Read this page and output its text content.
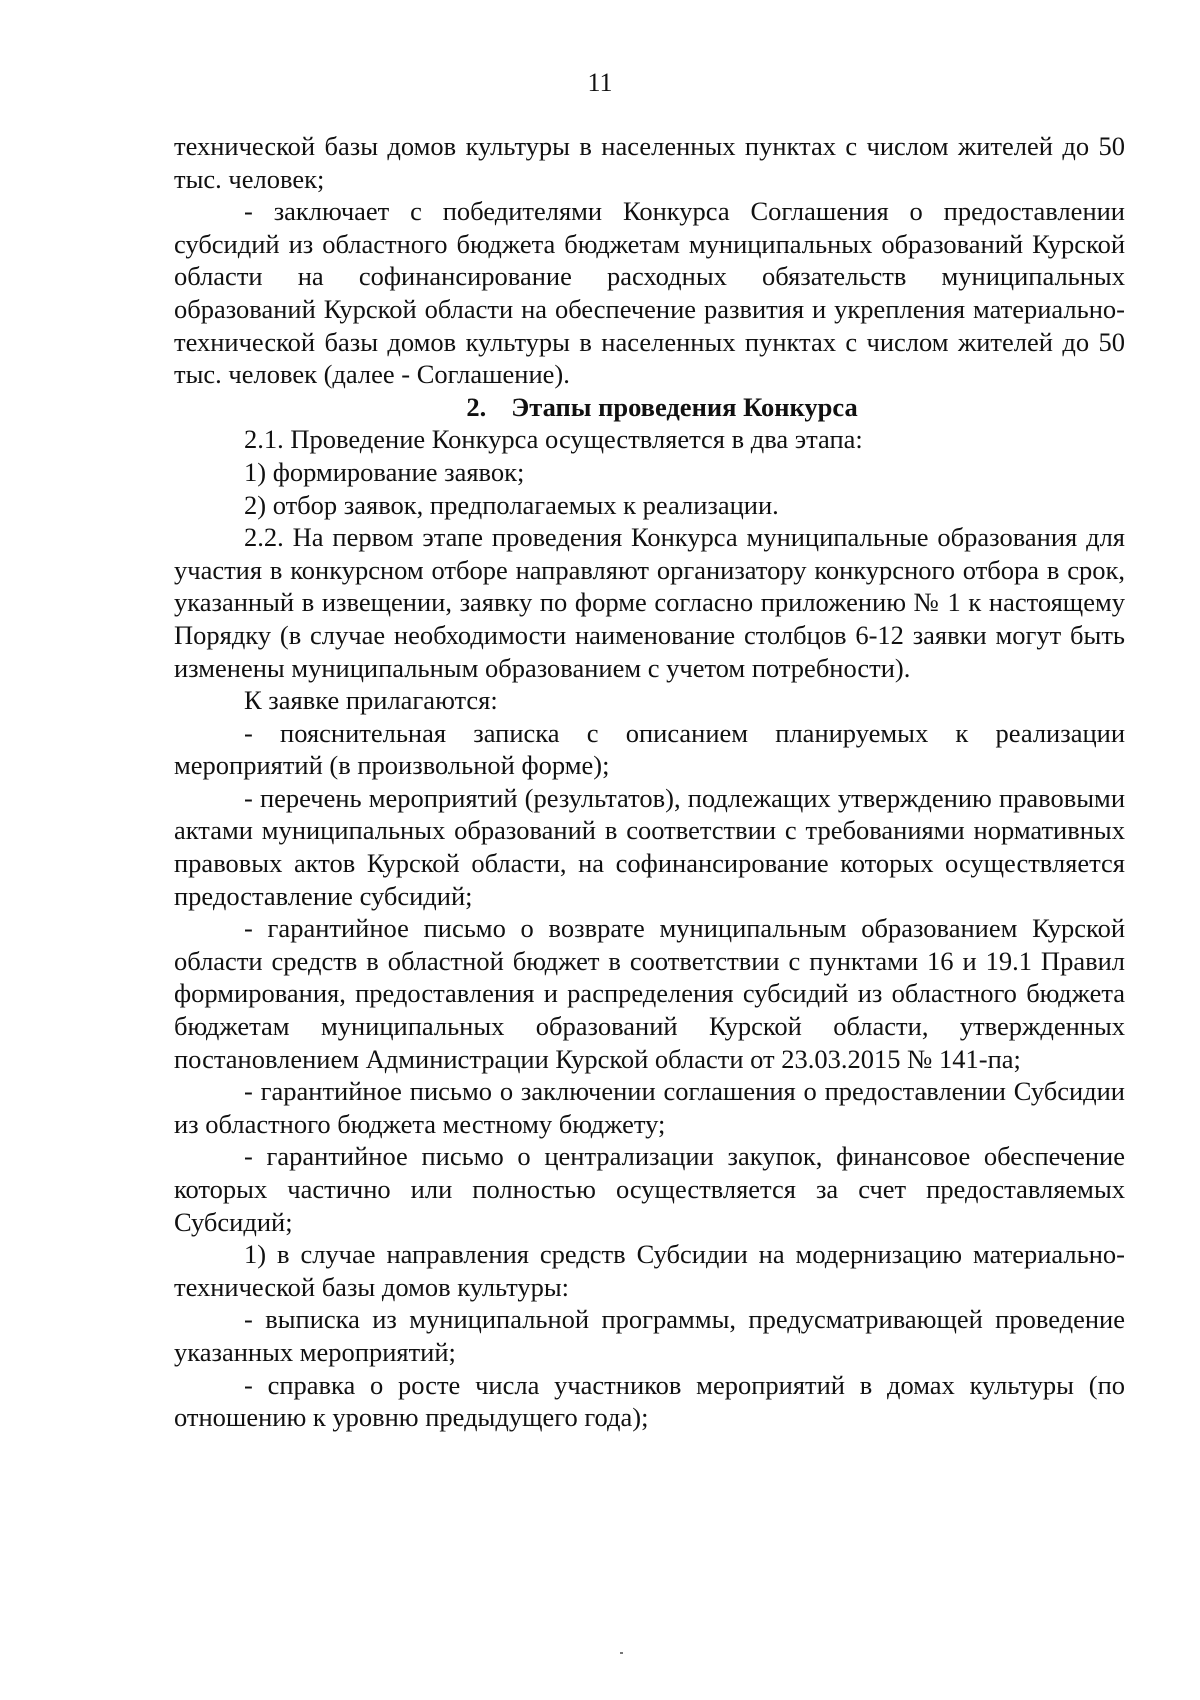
11

технической базы домов культуры в населенных пунктах с числом жителей до 50 тыс. человек;

- заключает с победителями Конкурса Соглашения о предоставлении субсидий из областного бюджета бюджетам муниципальных образований Курской области на софинансирование расходных обязательств муниципальных образований Курской области на обеспечение развития и укрепления материально-технической базы домов культуры в населенных пунктах с числом жителей до 50 тыс. человек (далее - Соглашение).

2. Этапы проведения Конкурса

2.1. Проведение Конкурса осуществляется в два этапа:

1) формирование заявок;

2) отбор заявок, предполагаемых к реализации.

2.2. На первом этапе проведения Конкурса муниципальные образования для участия в конкурсном отборе направляют организатору конкурсного отбора в срок, указанный в извещении, заявку по форме согласно приложению № 1 к настоящему Порядку (в случае необходимости наименование столбцов 6-12 заявки могут быть изменены муниципальным образованием с учетом потребности).

К заявке прилагаются:

- пояснительная записка с описанием планируемых к реализации мероприятий (в произвольной форме);

- перечень мероприятий (результатов), подлежащих утверждению правовыми актами муниципальных образований в соответствии с требованиями нормативных правовых актов Курской области, на софинансирование которых осуществляется предоставление субсидий;

- гарантийное письмо о возврате муниципальным образованием Курской области средств в областной бюджет в соответствии с пунктами 16 и 19.1 Правил формирования, предоставления и распределения субсидий из областного бюджета бюджетам муниципальных образований Курской области, утвержденных постановлением Администрации Курской области от 23.03.2015 № 141-па;

- гарантийное письмо о заключении соглашения о предоставлении Субсидии из областного бюджета местному бюджету;

- гарантийное письмо о централизации закупок, финансовое обеспечение которых частично или полностью осуществляется за счет предоставляемых Субсидий;

1) в случае направления средств Субсидии на модернизацию материально-технической базы домов культуры:

- выписка из муниципальной программы, предусматривающей проведение указанных мероприятий;

- справка о росте числа участников мероприятий в домах культуры (по отношению к уровню предыдущего года);
